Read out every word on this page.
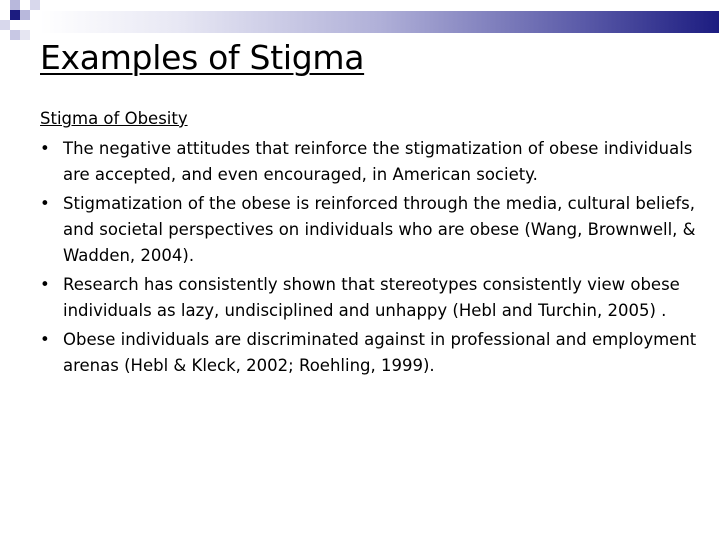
Examples of Stigma
Stigma of Obesity
• The negative attitudes that reinforce the stigmatization of obese individuals are accepted, and even encouraged, in American society.
• Stigmatization of the obese is reinforced through the media, cultural beliefs, and societal perspectives on individuals who are obese (Wang, Brownwell, & Wadden, 2004).
• Research has consistently shown that stereotypes consistently view obese individuals as lazy, undisciplined and unhappy (Hebl and Turchin, 2005) .
• Obese individuals are discriminated against in professional and employment arenas (Hebl & Kleck, 2002; Roehling, 1999).
